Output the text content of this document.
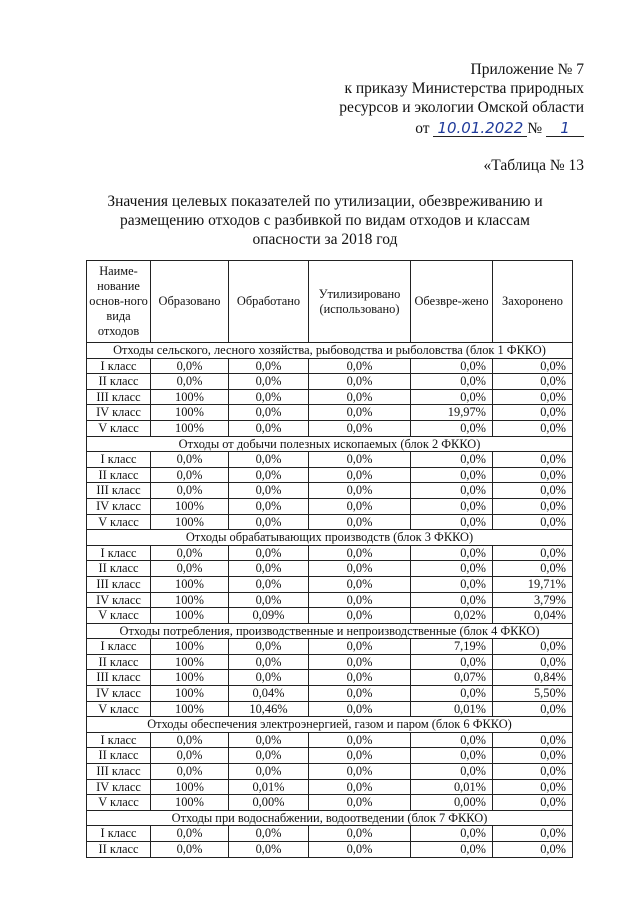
Приложение № 7
к приказу Министерства природных
ресурсов и экологии Омской области
от 10.01.2022 № 1
«Таблица № 13
Значения целевых показателей по утилизации, обезвреживанию и
размещению отходов с разбивкой по видам отходов и классам
опасности за 2018 год
Наиме-нование основ-ного вида отходов	Образовано	Обработано	Утилизировано (использовано)	Обезвре-жено	Захоронено
Отходы сельского, лесного хозяйства, рыбоводства и рыболовства (блок 1 ФККО)					
I класс	0,0%	0,0%	0,0%	0,0%	0,0%
II класс	0,0%	0,0%	0,0%	0,0%	0,0%
III класс	100%	0,0%	0,0%	0,0%	0,0%
IV класс	100%	0,0%	0,0%	19,97%	0,0%
V класс	100%	0,0%	0,0%	0,0%	0,0%
Отходы от добычи полезных ископаемых (блок 2 ФККО)					
I класс	0,0%	0,0%	0,0%	0,0%	0,0%
II класс	0,0%	0,0%	0,0%	0,0%	0,0%
III класс	0,0%	0,0%	0,0%	0,0%	0,0%
IV класс	100%	0,0%	0,0%	0,0%	0,0%
V класс	100%	0,0%	0,0%	0,0%	0,0%
Отходы обрабатывающих производств (блок 3 ФККО)					
I класс	0,0%	0,0%	0,0%	0,0%	0,0%
II класс	0,0%	0,0%	0,0%	0,0%	0,0%
III класс	100%	0,0%	0,0%	0,0%	19,71%
IV класс	100%	0,0%	0,0%	0,0%	3,79%
V класс	100%	0,09%	0,0%	0,02%	0,04%
Отходы потребления, производственные и непроизводственные (блок 4 ФККО)					
I класс	100%	0,0%	0,0%	7,19%	0,0%
II класс	100%	0,0%	0,0%	0,0%	0,0%
III класс	100%	0,0%	0,0%	0,07%	0,84%
IV класс	100%	0,04%	0,0%	0,0%	5,50%
V класс	100%	10,46%	0,0%	0,01%	0,0%
Отходы обеспечения электроэнергией, газом и паром (блок 6 ФККО)					
I класс	0,0%	0,0%	0,0%	0,0%	0,0%
II класс	0,0%	0,0%	0,0%	0,0%	0,0%
III класс	0,0%	0,0%	0,0%	0,0%	0,0%
IV класс	100%	0,01%	0,0%	0,01%	0,0%
V класс	100%	0,00%	0,0%	0,00%	0,0%
Отходы при водоснабжении, водоотведении (блок 7 ФККО)					
I класс	0,0%	0,0%	0,0%	0,0%	0,0%
II класс	0,0%	0,0%	0,0%	0,0%	0,0%
